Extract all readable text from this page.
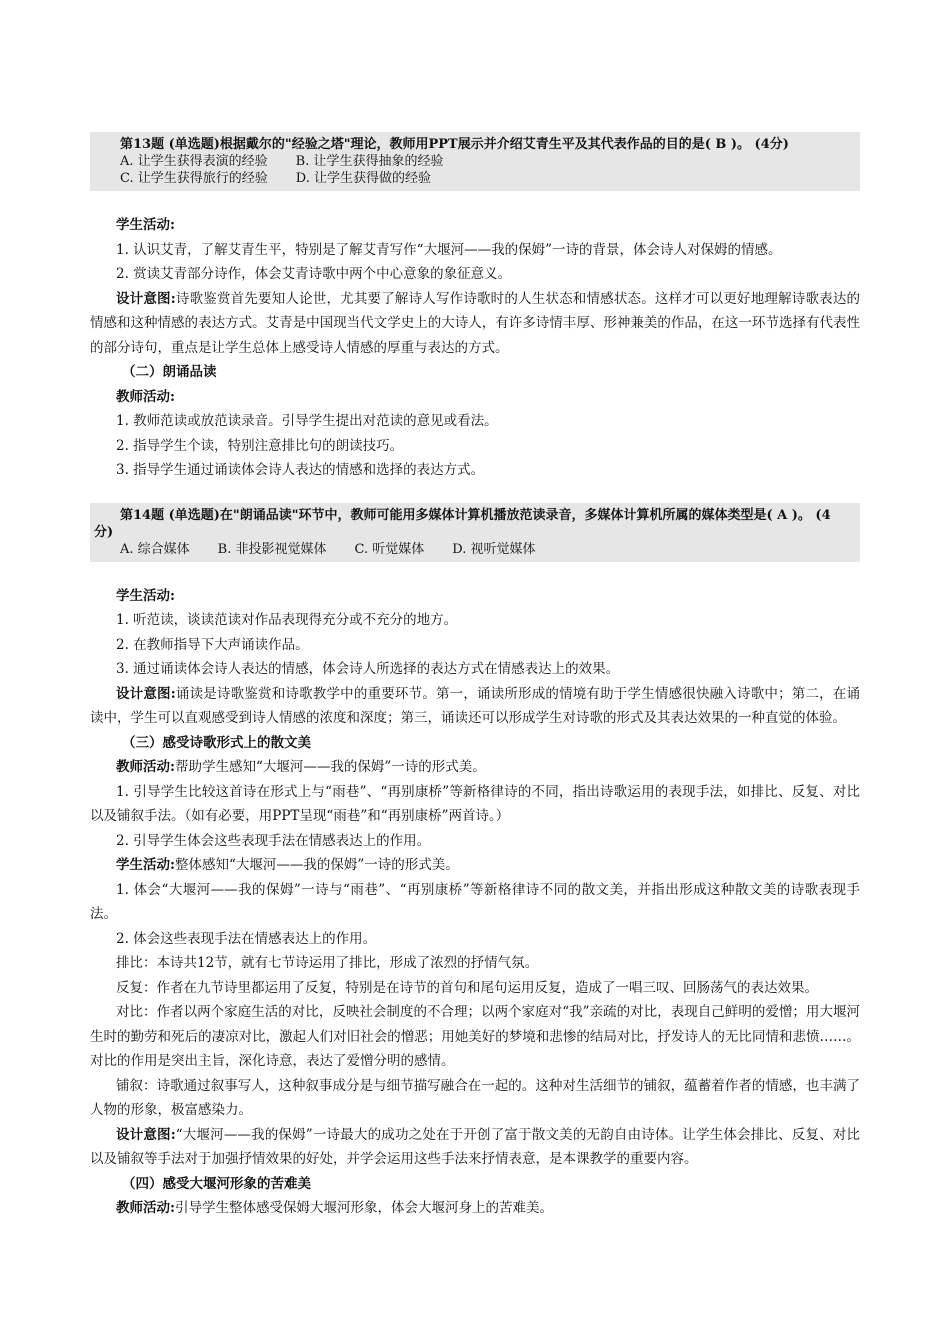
第13题 (单选题)根据戴尔的"经验之塔"理论，教师用PPT展示并介绍艾青生平及其代表作品的目的是( B )。 (4分)
A. 让学生获得表演的经验 B. 让学生获得抽象的经验
C. 让学生获得旅行的经验 D. 让学生获得做的经验

学生活动:

1. 认识艾青，了解艾青生平，特别是了解艾青写作“大堰河——我的保姆”一诗的背景，体会诗人对保姆的情感。

2. 赏读艾青部分诗作，体会艾青诗歌中两个中心意象的象征意义。

设计意图:诗歌鉴赏首先要知人论世，尤其要了解诗人写作诗歌时的人生状态和情感状态。这样才可以更好地理解诗歌表达的情感和这种情感的表达方式。艾青是中国现当代文学史上的大诗人，有许多诗情丰厚、形神兼美的作品，在这一环节选择有代表性的部分诗句，重点是让学生总体上感受诗人情感的厚重与表达的方式。

（二）朗诵品读

教师活动:

1. 教师范读或放范读录音。引导学生提出对范读的意见或看法。

2. 指导学生个读，特别注意排比句的朗读技巧。

3. 指导学生通过诵读体会诗人表达的情感和选择的表达方式。

第14题 (单选题)在"朗诵品读"环节中，教师可能用多媒体计算机播放范读录音，多媒体计算机所属的媒体类型是( A )。 (4 分)
A. 综合媒体 B. 非投影视觉媒体 C. 听觉媒体 D. 视听觉媒体

学生活动:

1. 听范读，谈读范读对作品表现得充分或不充分的地方。

2. 在教师指导下大声诵读作品。

3. 通过诵读体会诗人表达的情感，体会诗人所选择的表达方式在情感表达上的效果。

设计意图:诵读是诗歌鉴赏和诗歌教学中的重要环节。第一，诵读所形成的情境有助于学生情感很快融入诗歌中；第二，在诵读中，学生可以直观感受到诗人情感的浓度和深度；第三，诵读还可以形成学生对诗歌的形式及其表达效果的一种直觉的体验。

（三）感受诗歌形式上的散文美

教师活动:帮助学生感知“大堰河——我的保姆”一诗的形式美。

1. 引导学生比较这首诗在形式上与“雨巷”、“再别康桥”等新格律诗的不同，指出诗歌运用的表现手法，如排比、反复、对比以及铺叙手法。（如有必要，用PPT呈现“雨巷”和“再别康桥”两首诗。）

2. 引导学生体会这些表现手法在情感表达上的作用。

学生活动:整体感知“大堰河——我的保姆”一诗的形式美。

1. 体会“大堰河——我的保姆”一诗与“雨巷”、“再别康桥”等新格律诗不同的散文美，并指出形成这种散文美的诗歌表现手法。

2. 体会这些表现手法在情感表达上的作用。

排比：本诗共12节，就有七节诗运用了排比，形成了浓烈的抒情气氛。

反复：作者在九节诗里都运用了反复，特别是在诗节的首句和尾句运用反复，造成了一唱三叹、回肠荡气的表达效果。

对比：作者以两个家庭生活的对比，反映社会制度的不合理；以两个家庭对“我”亲疏的对比，表现自己鲜明的爱憎；用大堰河生时的勤劳和死后的凄凉对比，激起人们对旧社会的憎恶；用她美好的梦境和悲惨的结局对比，抒发诗人的无比同情和悲愤……。对比的作用是突出主旨，深化诗意，表达了爱憎分明的感情。

铺叙：诗歌通过叙事写人，这种叙事成分是与细节描写融合在一起的。这种对生活细节的铺叙，蕴蓄着作者的情感，也丰满了人物的形象，极富感染力。

设计意图:“大堰河——我的保姆”一诗最大的成功之处在于开创了富于散文美的无韵自由诗体。让学生体会排比、反复、对比以及铺叙等手法对于加强抒情效果的好处，并学会运用这些手法来抒情表意，是本课教学的重要内容。

（四）感受大堰河形象的苦难美

教师活动:引导学生整体感受保姆大堰河形象，体会大堰河身上的苦难美。
